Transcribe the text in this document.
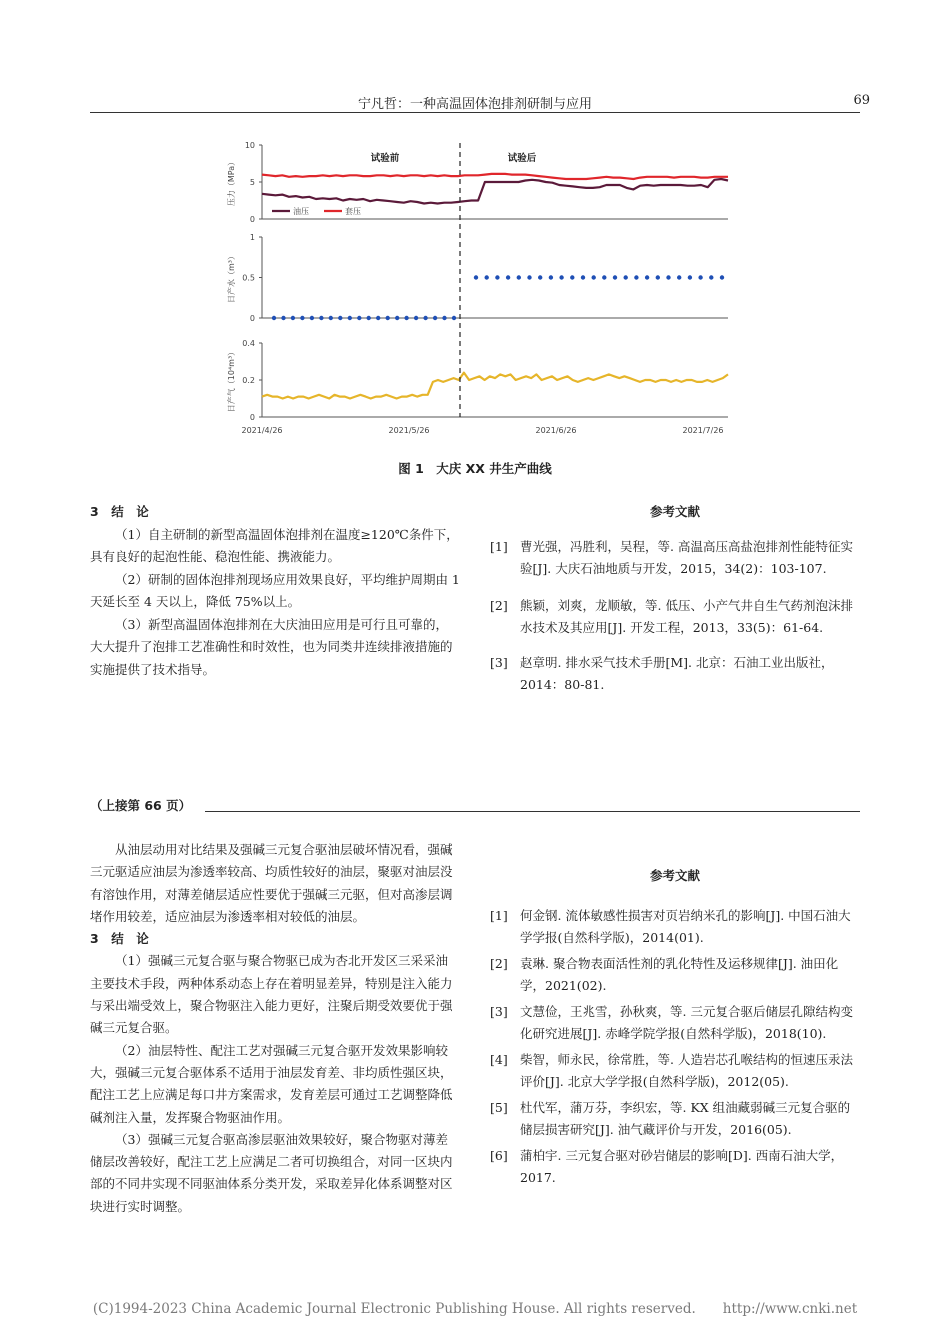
宁凡哲：一种高温固体泡排剂研制与应用	69
0
5
10
压力（MPa）
0
0.5
1
日产水（m³）
0
0.2
0.4
日产气（10⁴m³）
试验前	试验后
油压	套压
2021/4/26	2021/5/26	2021/6/26	2021/7/26
图 1　大庆 XX 井生产曲线
3　结　论

（1）自主研制的新型高温固体泡排剂在温度≥120℃条件下，具有良好的起泡性能、稳泡性能、携液能力。

（2）研制的固体泡排剂现场应用效果良好，平均维护周期由 1 天延长至 4 天以上，降低 75%以上。

（3）新型高温固体泡排剂在大庆油田应用是可行且可靠的，大大提升了泡排工艺准确性和时效性，也为同类井连续排液措施的实施提供了技术指导。

参考文献
[1] 曹光强，冯胜利，吴程，等. 高温高压高盐泡排剂性能特征实验[J]. 大庆石油地质与开发，2015，34(2)：103-107.
[2] 熊颖，刘爽，龙顺敏，等. 低压、小产气井自生气药剂泡沫排水技术及其应用[J]. 开发工程，2013，33(5)：61-64.
[3] 赵章明. 排水采气技术手册[M]. 北京：石油工业出版社，2014：80-81.
（上接第 66 页）

从油层动用对比结果及强碱三元复合驱油层破坏情况看，强碱三元驱适应油层为渗透率较高、均质性较好的油层，聚驱对油层没有溶蚀作用，对薄差储层适应性要优于强碱三元驱，但对高渗层调堵作用较差，适应油层为渗透率相对较低的油层。

3　结　论

（1）强碱三元复合驱与聚合物驱已成为杏北开发区三采采油主要技术手段，两种体系动态上存在着明显差异，特别是注入能力与采出端受效上，聚合物驱注入能力更好，注聚后期受效要优于强碱三元复合驱。

（2）油层特性、配注工艺对强碱三元复合驱开发效果影响较大，强碱三元复合驱体系不适用于油层发育差、非均质性强区块，配注工艺上应满足每口井方案需求，发育差层可通过工艺调整降低碱剂注入量，发挥聚合物驱油作用。

（3）强碱三元复合驱高渗层驱油效果较好，聚合物驱对薄差储层改善较好，配注工艺上应满足二者可切换组合，对同一区块内部的不同井实现不同驱油体系分类开发，采取差异化体系调整对区块进行实时调整。

参考文献
[1] 何金钢. 流体敏感性损害对页岩纳米孔的影响[J]. 中国石油大学学报(自然科学版)，2014(01).
[2] 袁琳. 聚合物表面活性剂的乳化特性及运移规律[J]. 油田化学，2021(02).
[3] 文慧俭，王兆雪，孙秋爽，等. 三元复合驱后储层孔隙结构变化研究进展[J]. 赤峰学院学报(自然科学版)，2018(10).
[4] 柴智，师永民，徐常胜，等. 人造岩芯孔喉结构的恒速压汞法评价[J]. 北京大学学报(自然科学版)，2012(05).
[5] 杜代军，蒲万芬，李织宏，等. KX 组油藏弱碱三元复合驱的储层损害研究[J]. 油气藏评价与开发，2016(05).
[6] 蒲柏宇. 三元复合驱对砂岩储层的影响[D]. 西南石油大学，2017.
(C)1994-2023 China Academic Journal Electronic Publishing House. All rights reserved.　　http://www.cnki.net
